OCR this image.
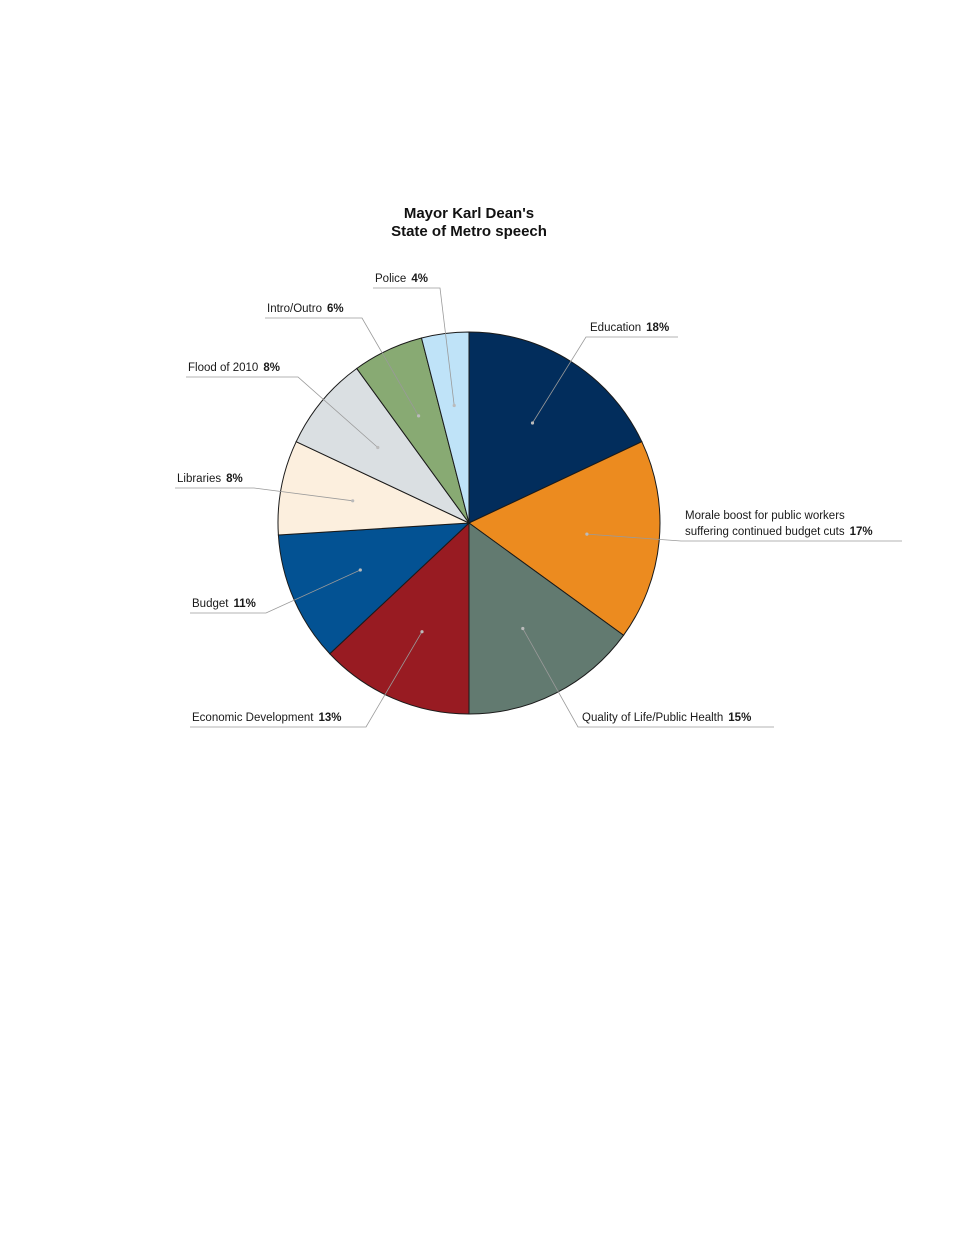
Mayor Karl Dean's
State of Metro speech
Education 18%
Morale boost for public workers
suffering continued budget cuts 17%
Quality of Life/Public Health 15%
Economic Development 13%
Budget 11%
Libraries 8%
Flood of 2010 8%
Intro/Outro 6%
Police 4%
